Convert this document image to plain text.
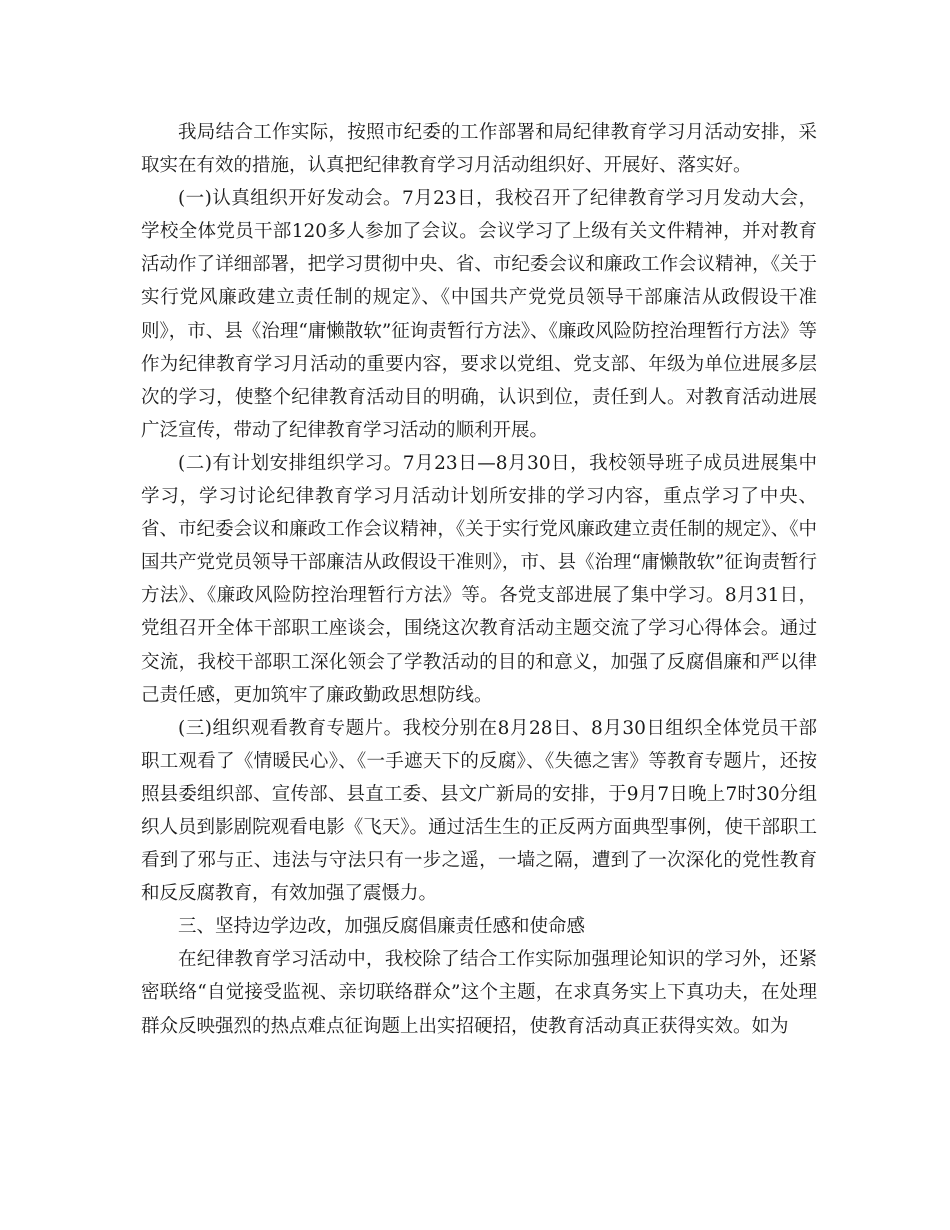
我局结合工作实际，按照市纪委的工作部署和局纪律教育学习月活动安排，采取实在有效的措施，认真把纪律教育学习月活动组织好、开展好、落实好。

(一)认真组织开好发动会。7月23日，我校召开了纪律教育学习月发动大会，学校全体党员干部120多人参加了会议。会议学习了上级有关文件精神，并对教育活动作了详细部署，把学习贯彻中央、省、市纪委会议和廉政工作会议精神，《关于实行党风廉政建立责任制的规定》、《中国共产党党员领导干部廉洁从政假设干准则》，市、县《治理“庸懒散软”征询责暂行方法》、《廉政风险防控治理暂行方法》等作为纪律教育学习月活动的重要内容，要求以党组、党支部、年级为单位进展多层次的学习，使整个纪律教育活动目的明确，认识到位，责任到人。对教育活动进展广泛宣传，带动了纪律教育学习活动的顺利开展。

(二)有计划安排组织学习。7月23日—8月30日，我校领导班子成员进展集中学习，学习讨论纪律教育学习月活动计划所安排的学习内容，重点学习了中央、省、市纪委会议和廉政工作会议精神，《关于实行党风廉政建立责任制的规定》、《中国共产党党员领导干部廉洁从政假设干准则》，市、县《治理“庸懒散软”征询责暂行方法》、《廉政风险防控治理暂行方法》等。各党支部进展了集中学习。8月31日，党组召开全体干部职工座谈会，围绕这次教育活动主题交流了学习心得体会。通过交流，我校干部职工深化领会了学教活动的目的和意义，加强了反腐倡廉和严以律己责任感，更加筑牢了廉政勤政思想防线。

(三)组织观看教育专题片。我校分别在8月28日、8月30日组织全体党员干部职工观看了《情暖民心》、《一手遮天下的反腐》、《失德之害》等教育专题片，还按照县委组织部、宣传部、县直工委、县文广新局的安排，于9月7日晚上7时30分组织人员到影剧院观看电影《飞天》。通过活生生的正反两方面典型事例，使干部职工看到了邪与正、违法与守法只有一步之遥，一墙之隔，遭到了一次深化的党性教育和反反腐教育，有效加强了震慑力。

三、坚持边学边改，加强反腐倡廉责任感和使命感

在纪律教育学习活动中，我校除了结合工作实际加强理论知识的学习外，还紧密联络“自觉接受监视、亲切联络群众”这个主题，在求真务实上下真功夫，在处理群众反映强烈的热点难点征询题上出实招硬招，使教育活动真正获得实效。如为
